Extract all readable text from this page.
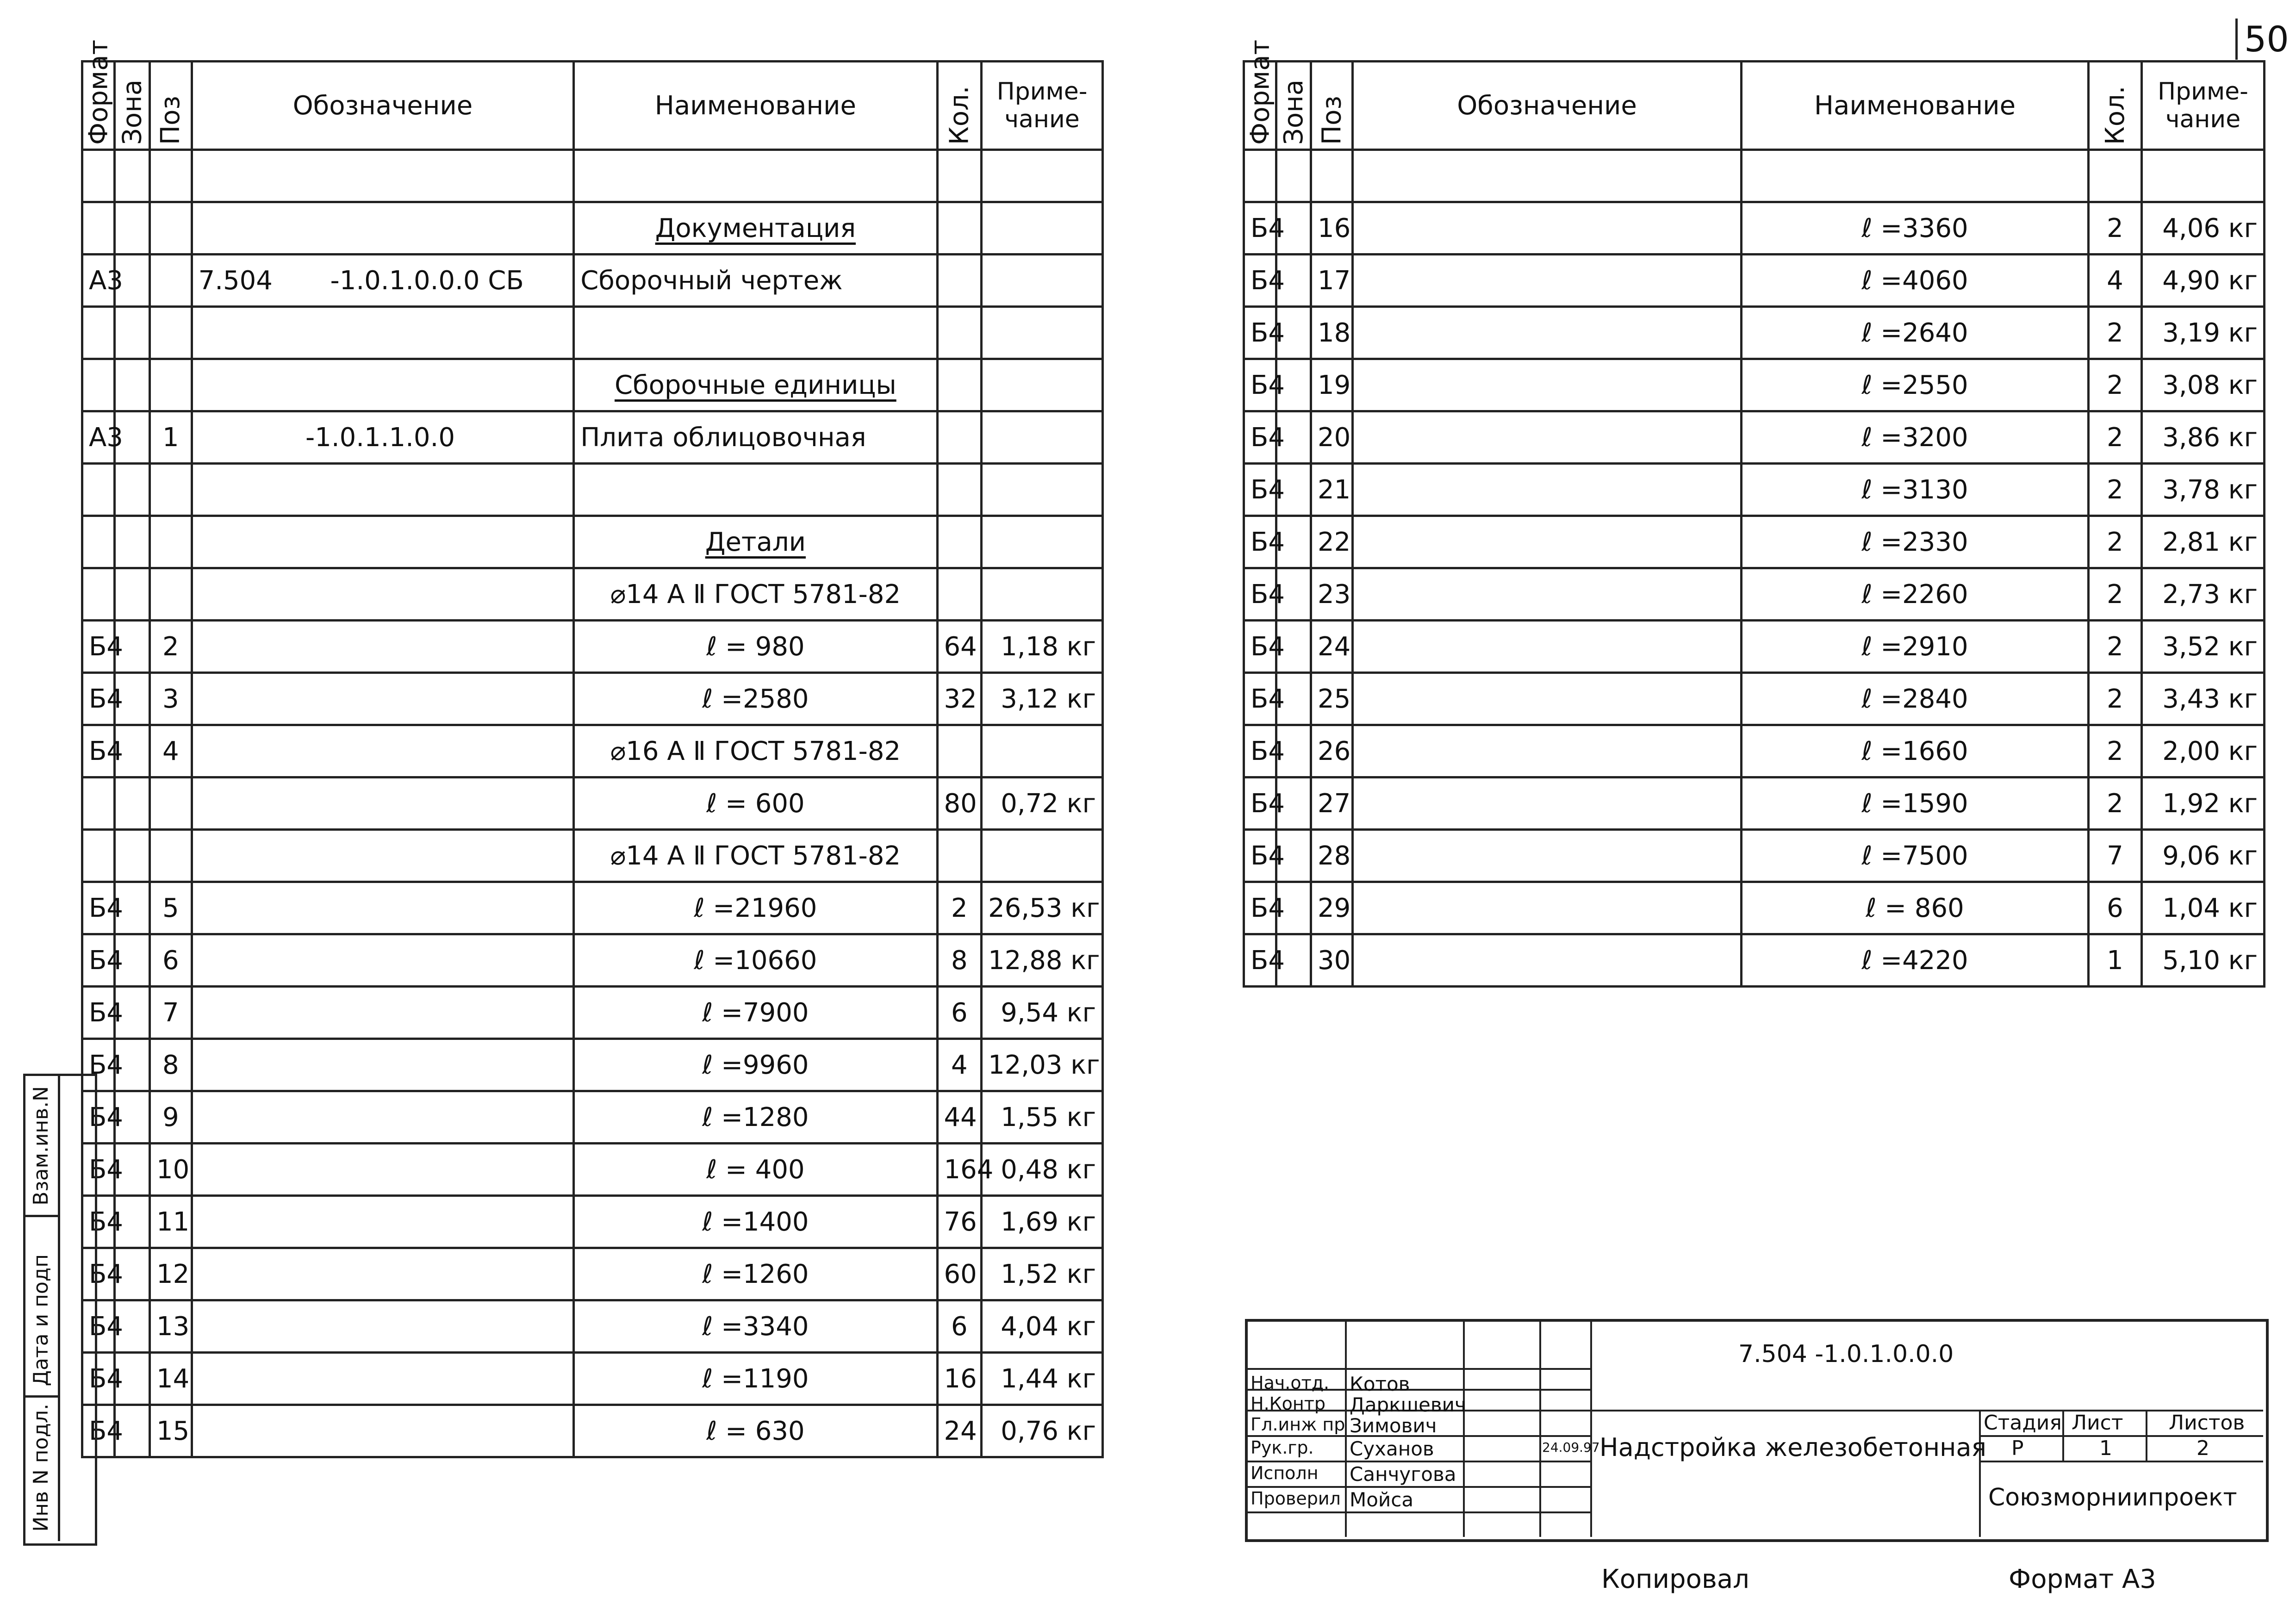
50
Формат	Зона	Поз	Обозначение	Наименование	Кол.	Приме-
чание

				Документация		
А3			7.504       -1.0.1.0.0.0 СБ	Сборочный чертеж		

				Сборочные единицы		
А3		1	-1.0.1.1.0.0	Плита облицовочная		

				Детали		
				⌀14 А Ⅱ ГОСТ 5781-82		
Б4		2		ℓ = 980	64	1,18 кг
Б4		3		ℓ =2580	32	3,12 кг
Б4		4		⌀16 А Ⅱ ГОСТ 5781-82		
				ℓ = 600	80	0,72 кг
				⌀14 А Ⅱ ГОСТ 5781-82		
Б4		5		ℓ =21960	2	26,53 кг
Б4		6		ℓ =10660	8	12,88 кг
Б4		7		ℓ =7900	6	9,54 кг
Б4		8		ℓ =9960	4	12,03 кг
Б4		9		ℓ =1280	44	1,55 кг
Б4		10		ℓ = 400	164	0,48 кг
Б4		11		ℓ =1400	76	1,69 кг
Б4		12		ℓ =1260	60	1,52 кг
Б4		13		ℓ =3340	6	4,04 кг
Б4		14		ℓ =1190	16	1,44 кг
Б4		15		ℓ = 630	24	0,76 кг
Формат	Зона	Поз	Обозначение	Наименование	Кол.	Приме-
чание

Б4		16		ℓ =3360	2	4,06 кг
Б4		17		ℓ =4060	4	4,90 кг
Б4		18		ℓ =2640	2	3,19 кг
Б4		19		ℓ =2550	2	3,08 кг
Б4		20		ℓ =3200	2	3,86 кг
Б4		21		ℓ =3130	2	3,78 кг
Б4		22		ℓ =2330	2	2,81 кг
Б4		23		ℓ =2260	2	2,73 кг
Б4		24		ℓ =2910	2	3,52 кг
Б4		25		ℓ =2840	2	3,43 кг
Б4		26		ℓ =1660	2	2,00 кг
Б4		27		ℓ =1590	2	1,92 кг
Б4		28		ℓ =7500	7	9,06 кг
Б4		29		ℓ = 860	6	1,04 кг
Б4		30		ℓ =4220	1	5,10 кг
Взам.инв.N
Дата и подп
Инв N подл.
7.504 -1.0.1.0.0.0
Надстройка железобетонная
Стадия Лист Листов
Р	1	2
Союзморниипроект
24.09.97
Нач.отд. Котов
Н.Контр Даркшевич
Гл.инж пр Зимович
Рук.гр. Суханов
Исполн Санчугова
Проверил Мойса
Копировал	Формат А3
